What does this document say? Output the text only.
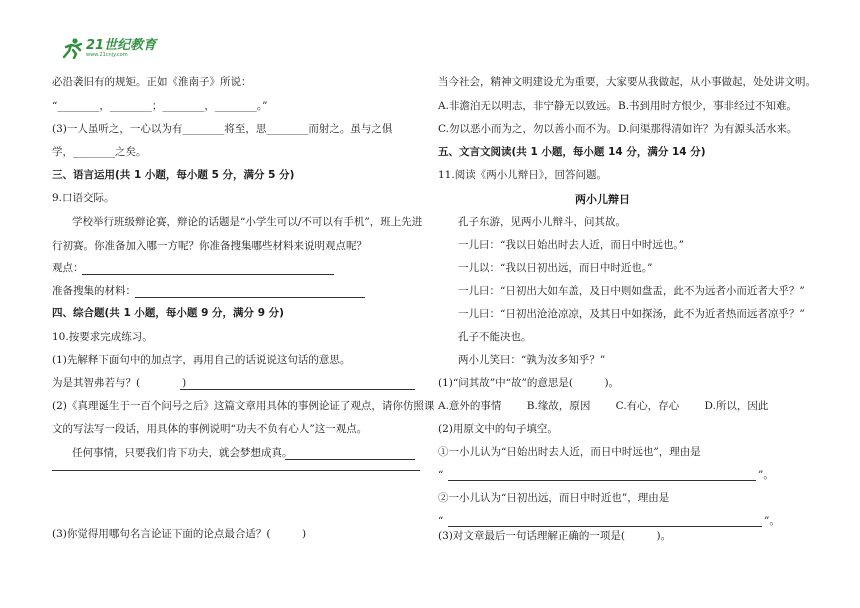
21世纪教育
www.21cnjy.com
必沿袭旧有的规矩。正如《淮南子》所说：
“________，________；________，________。”
(3)一人虽听之，一心以为有________将至，思________而射之。虽与之俱
学，________之矣。
三、语言运用(共 1 小题，每小题 5 分，满分 5 分)
9.口语交际。
学校举行班级辩论赛，辩论的话题是“小学生可以/不可以有手机”，班上先进
行初赛。你准备加入哪一方呢？你准备搜集哪些材料来说明观点呢？
观点：
准备搜集的材料：
四、综合题(共 1 小题，每小题 9 分，满分 9 分)
10.按要求完成练习。
(1)先解释下面句中的加点字，再用自己的话说说这句话的意思。
为是其智弗若与？(　　　　)
(2)《真理诞生于一百个问号之后》这篇文章用具体的事例论证了观点，请你仿照课
文的写法写一段话，用具体的事例说明“功夫不负有心人”这一观点。
任何事情，只要我们肯下功夫，就会梦想成真。
(3)你觉得用哪句名言论证下面的论点最合适？(　　　)
当今社会，精神文明建设尤为重要，大家要从我做起，从小事做起，处处讲文明。
A.非澹泊无以明志，非宁静无以致远。 B.书到用时方恨少，事非经过不知难。
C.勿以恶小而为之，勿以善小而不为。 D.问渠那得清如许？为有源头活水来。
五、文言文阅读(共 1 小题，每小题 14 分，满分 14 分)
11.阅读《两小儿辩日》，回答问题。
两小儿辩日
孔子东游，见两小儿辩斗，问其故。
一儿曰：“我以日始出时去人近，而日中时远也。”
一儿以：“我以日初出远，而日中时近也。”
一儿曰：“日初出大如车盖，及日中则如盘盂，此不为远者小而近者大乎？”
一儿曰：“日初出沧沧凉凉，及其日中如探汤，此不为近者热而远者凉乎？”
孔子不能决也。
两小儿笑曰：“孰为汝多知乎？”
(1)“问其故”中“故”的意思是(　　　)。
A.意外的事情 B.缘故，原因 C.有心，存心 D.所以，因此
(2)用原文中的句子填空。
①一小儿认为“日始出时去人近，而日中时远也”，理由是
“	”。
②一小儿认为“日初出远，而日中时近也”，理由是
“	”。
(3)对文章最后一句话理解正确的一项是(　　　)。
